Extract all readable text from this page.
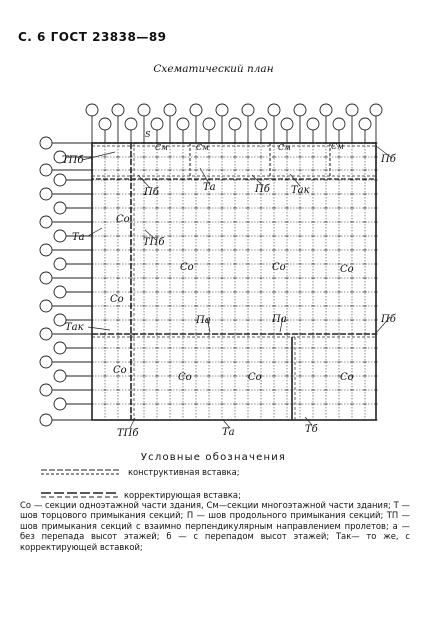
С. 6 ГОСТ 23838—89
Схематический план
ТПб
S
Cм	Cм	Cм	Cм
Пб
Пб	Та	Пб Так
Co
Та	ТПб
Co	Co	Co
Co
Па	Па	Пб
Так
Co
Co	Co	Co
ТПб	Та	Тб
Условные обозначения
конструктивная вставка;
корректирующая вставка;
Со — секции одноэтажной части здания, См—секции многоэтажной части здания; Т — шов торцового примыкания секций; П — шов продольного примыкания секций; ТП — шов примыкания секций с взаимно перпендикулярным направлением пролетов; а — без перепада высот этажей; б — с перепадом высот этажей; Так— то же, с корректирующей вставкой;
